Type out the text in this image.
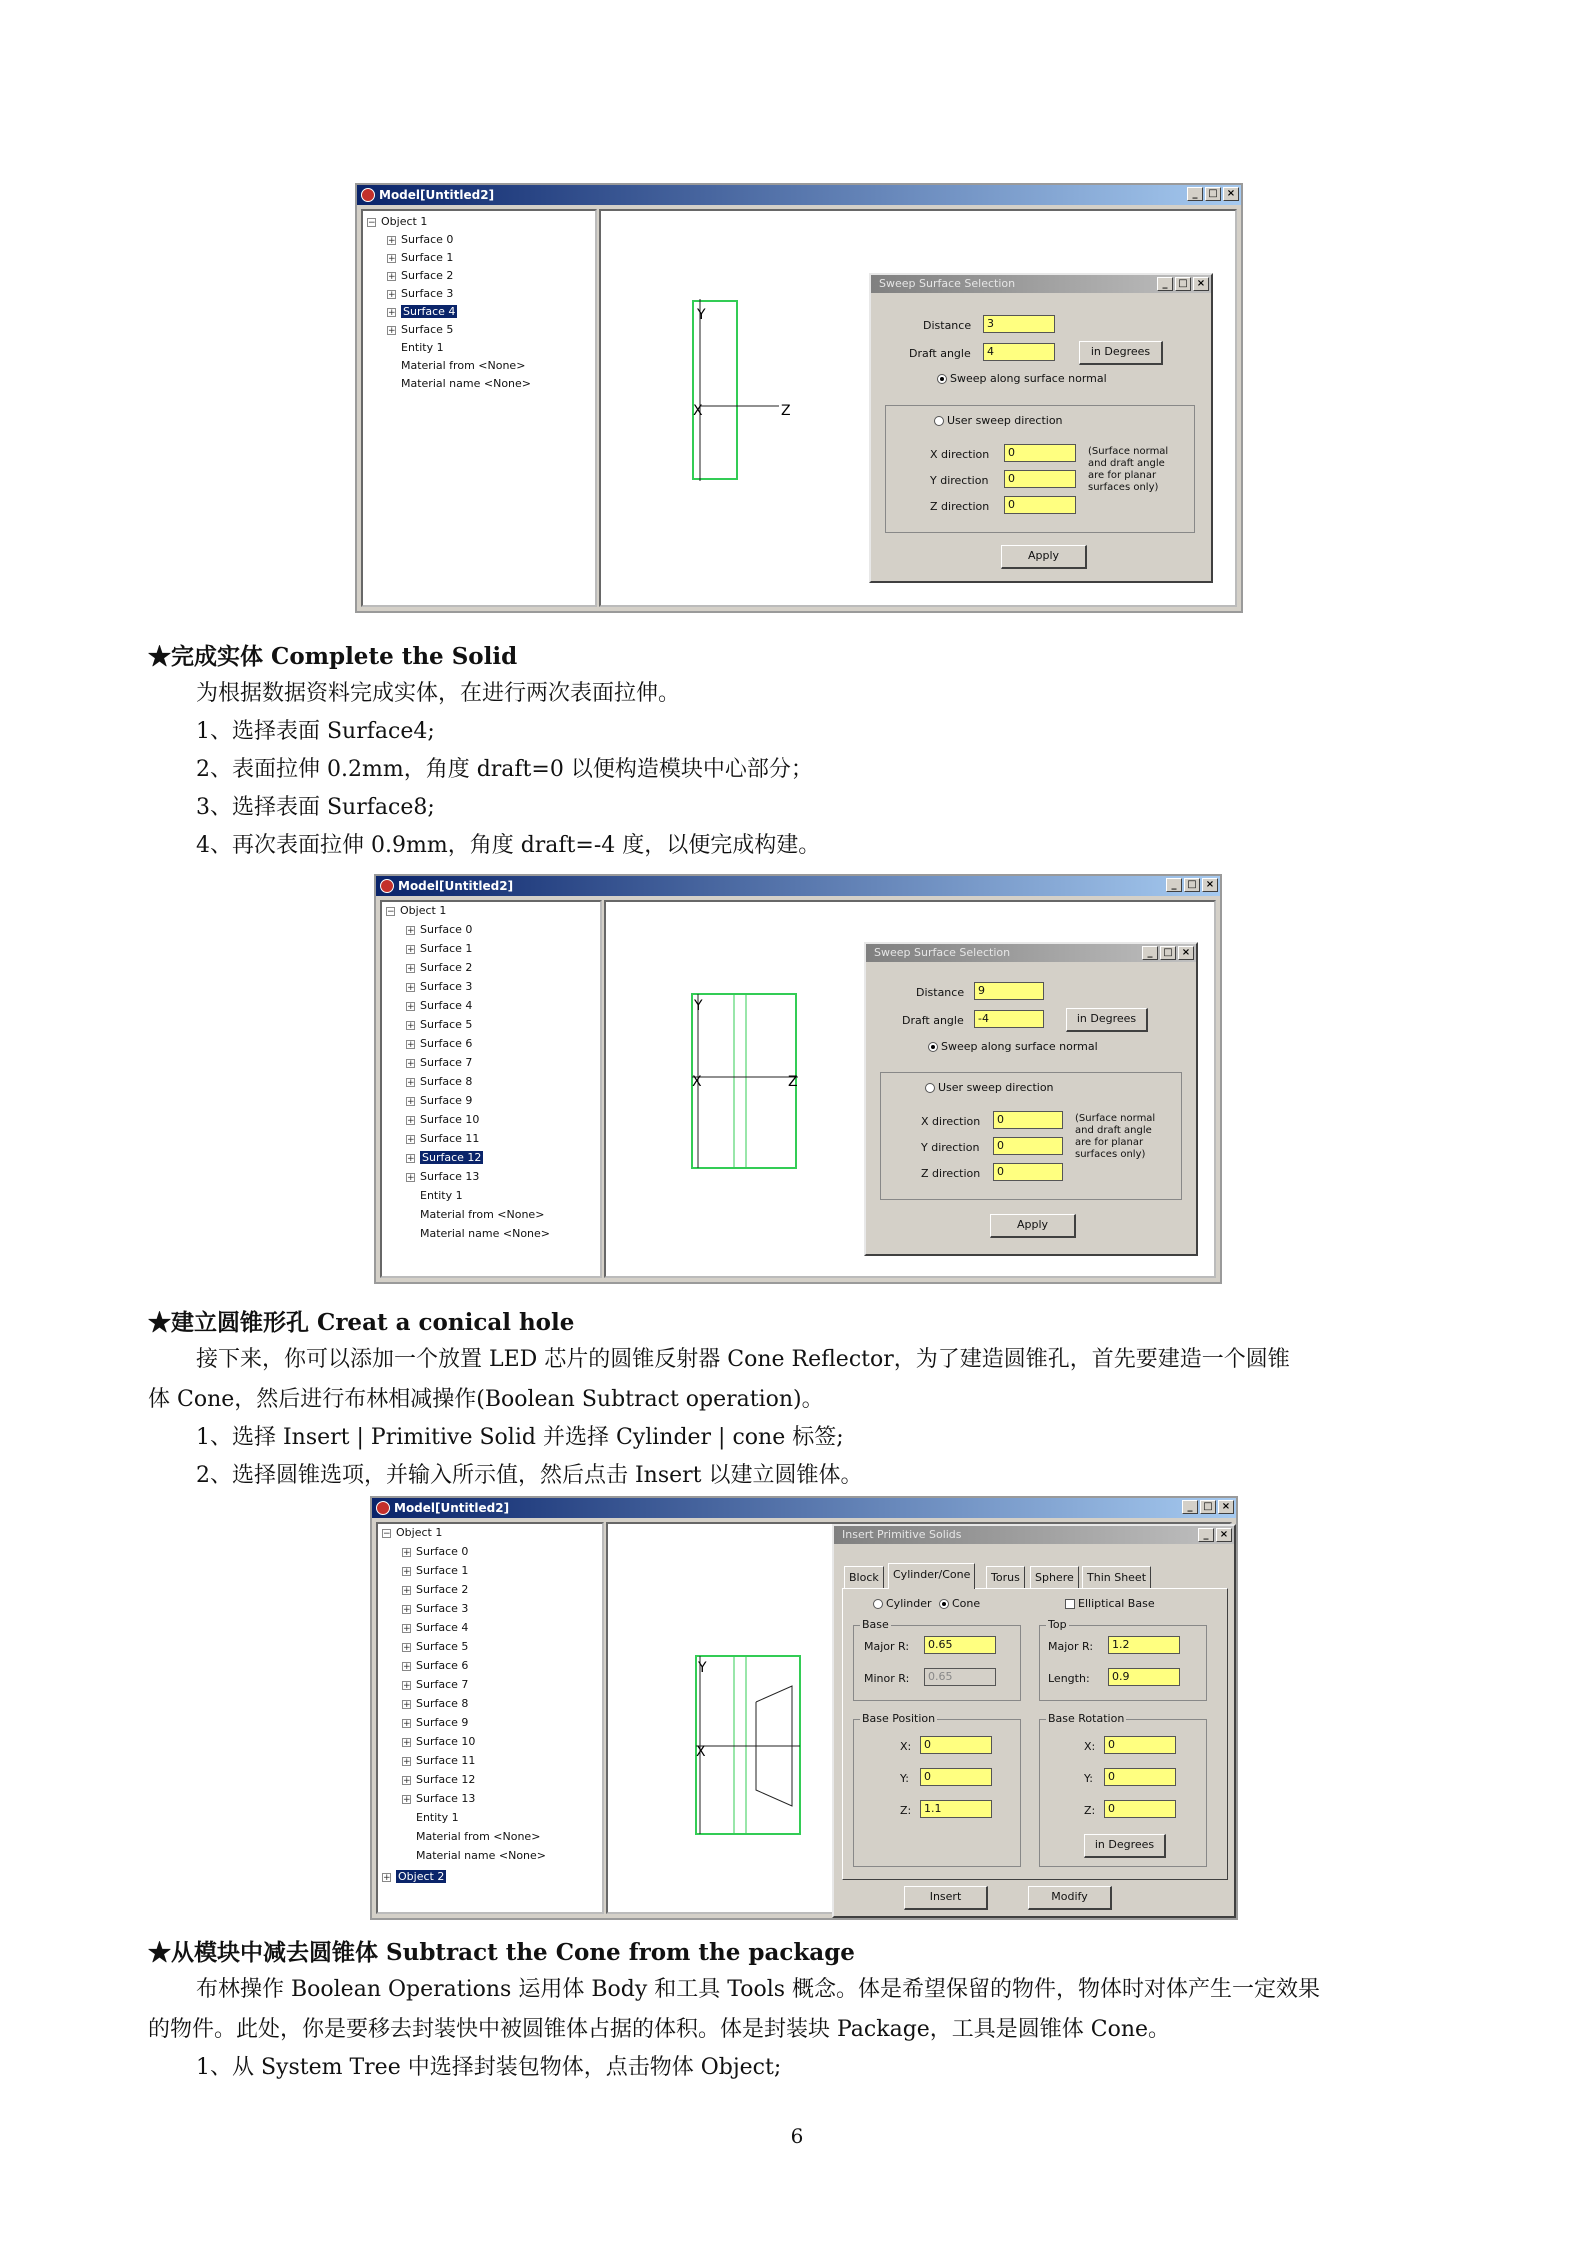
Model[Untitled2]	_	□ ×
− Object 1
+ Surface 0
+ Surface 1
+ Surface 2
+ Surface 3
+ Surface 4
+ Surface 5
Entity 1
Material from <None>
Material name <None>
Y
X	Z
Sweep Surface Selection	_	□ ×
Distance	3
Draft angle	4	in Degrees
Sweep along surface normal
User sweep direction
X direction	0
Y direction	0
Z direction	0
(Surface normal
and draft angle
are for planar
surfaces only)
Apply
★完成实体 Complete the Solid
为根据数据资料完成实体，在进行两次表面拉伸。
1、选择表面 Surface4;
2、表面拉伸 0.2mm，角度 draft=0 以便构造模块中心部分；
3、选择表面 Surface8;
4、再次表面拉伸 0.9mm，角度 draft=-4 度，以便完成构建。
Model[Untitled2]	_	□ ×
− Object 1
+ Surface 0
+ Surface 1
+ Surface 2
+ Surface 3
+ Surface 4
+ Surface 5
+ Surface 6
+ Surface 7
+ Surface 8
+ Surface 9
+ Surface 10
+ Surface 11
+ Surface 12
+ Surface 13
Entity 1
Material from <None>
Material name <None>
Y
X	Z
Sweep Surface Selection	_	□ ×
Distance	9
Draft angle	-4	in Degrees
Sweep along surface normal
User sweep direction
X direction	0
Y direction	0
Z direction	0
(Surface normal
and draft angle
are for planar
surfaces only)
Apply
★建立圆锥形孔 Creat a conical hole
接下来，你可以添加一个放置 LED 芯片的圆锥反射器 Cone Reflector，为了建造圆锥孔，首先要建造一个圆锥
体 Cone，然后进行布林相减操作(Boolean Subtract operation)。
1、选择 Insert | Primitive Solid 并选择 Cylinder | cone 标签;
2、选择圆锥选项，并输入所示值，然后点击 Insert 以建立圆锥体。
Model[Untitled2]	_	□ ×
− Object 1
+ Surface 0
+ Surface 1
+ Surface 2
+ Surface 3
+ Surface 4
+ Surface 5
+ Surface 6
+ Surface 7
+ Surface 8
+ Surface 9
+ Surface 10
+ Surface 11
+ Surface 12
+ Surface 13
Entity 1
Material from <None>
Material name <None>
+ Object 2
Y
X
Insert Primitive Solids	_	×
Block	Cylinder/Cone	Torus	Sphere	Thin Sheet
Cylinder	Cone	Elliptical Base
Base
Major R:	0.65
Minor R:	0.65
Top
Major R:	1.2
Length:	0.9
Base Position
X:	0
Y:	0
Z:	1.1
Base Rotation
X:	0
Y:	0
Z:	0
in Degrees
Insert	Modify
★从模块中减去圆锥体 Subtract the Cone from the package
布林操作 Boolean Operations 运用体 Body 和工具 Tools 概念。体是希望保留的物件，物体时对体产生一定效果
的物件。此处，你是要移去封装快中被圆锥体占据的体积。体是封装块 Package，工具是圆锥体 Cone。
1、从 System Tree 中选择封装包物体，点击物体 Object;
6
